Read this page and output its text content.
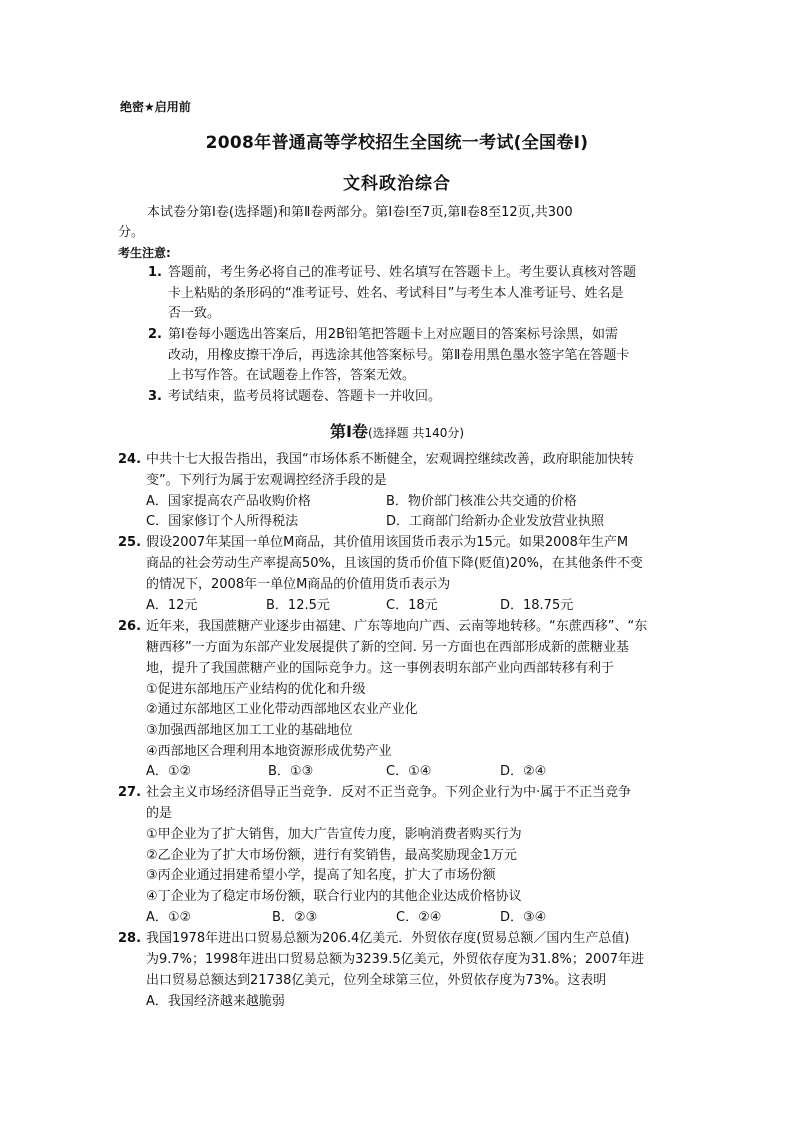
绝密★启用前
2008年普通高等学校招生全国统一考试(全国卷Ⅰ)
文科政治综合
本试卷分第Ⅰ卷(选择题)和第Ⅱ卷两部分。第Ⅰ卷Ⅰ至7页,第Ⅱ卷8至12页,共300
分。
考生注意:
1. 答题前，考生务必将自己的准考证号、姓名填写在答题卡上。考生要认真核对答题
卡上粘贴的条形码的“准考证号、姓名、考试科目”与考生本人准考证号、姓名是
否一致。
2. 第Ⅰ卷每小题选出答案后，用2B铅笔把答题卡上对应题目的答案标号涂黑，如需
改动，用橡皮擦干净后，再选涂其他答案标号。第Ⅱ卷用黑色墨水签字笔在答题卡
上书写作答。在试题卷上作答，答案无效。
3. 考试结束，监考员将试题卷、答题卡一并收回。
第Ⅰ卷(选择题 共140分)
24. 中共十七大报告指出，我国“市场体系不断健全，宏观调控继续改善，政府职能加快转
变”。下列行为属于宏观调控经济手段的是
A．国家提高农产品收购价格	B．物价部门核准公共交通的价格
C．国家修订个人所得税法	D．工商部门给新办企业发放营业执照
25. 假设2007年某国一单位M商品，其价值用该国货币表示为15元。如果2008年生产M
商品的社会劳动生产率提高50%，且该国的货币价值下降(贬值)20%，在其他条件不变
的情况下，2008年一单位M商品的价值用货币表示为
A．12元	B．12.5元	C．18元	D．18.75元
26. 近年来，我国蔗糖产业逐步由福建、广东等地向广西、云南等地转移。“东蔗西移”、“东
糖西移”一方面为东部产业发展提供了新的空间. 另一方面也在西部形成新的蔗糖业基
地，提升了我国蔗糖产业的国际竞争力。这一事例表明东部产业向西部转移有利于
①促进东部地压产业结构的优化和升级
②通过东部地区工业化带动西部地区农业产业化
③加强西部地区加工工业的基础地位
④西部地区合理利用本地资源形成优势产业
A．①②	B．①③	C．①④	D．②④
27. 社会主义市场经济倡导正当竞争．反对不正当竞争。下列企业行为中·属于不正当竞争
的是
①甲企业为了扩大销售，加大广告宣传力度，影响消费者购买行为
②乙企业为了扩大市场份额，进行有奖销售，最高奖励现金1万元
③丙企业通过捐建希望小学，提高了知名度，扩大了市场份额
④丁企业为了稳定市场份额，联合行业内的其他企业达成价格协议
A．①②	B．②③	C．②④	D．③④
28. 我国1978年进出口贸易总额为206.4亿美元．外贸依存度(贸易总额／国内生产总值)
为9.7%；1998年进出口贸易总额为3239.5亿美元，外贸依存度为31.8%；2007年进
出口贸易总额达到21738亿美元，位列全球第三位，外贸依存度为73%。这表明
A．我国经济越来越脆弱
